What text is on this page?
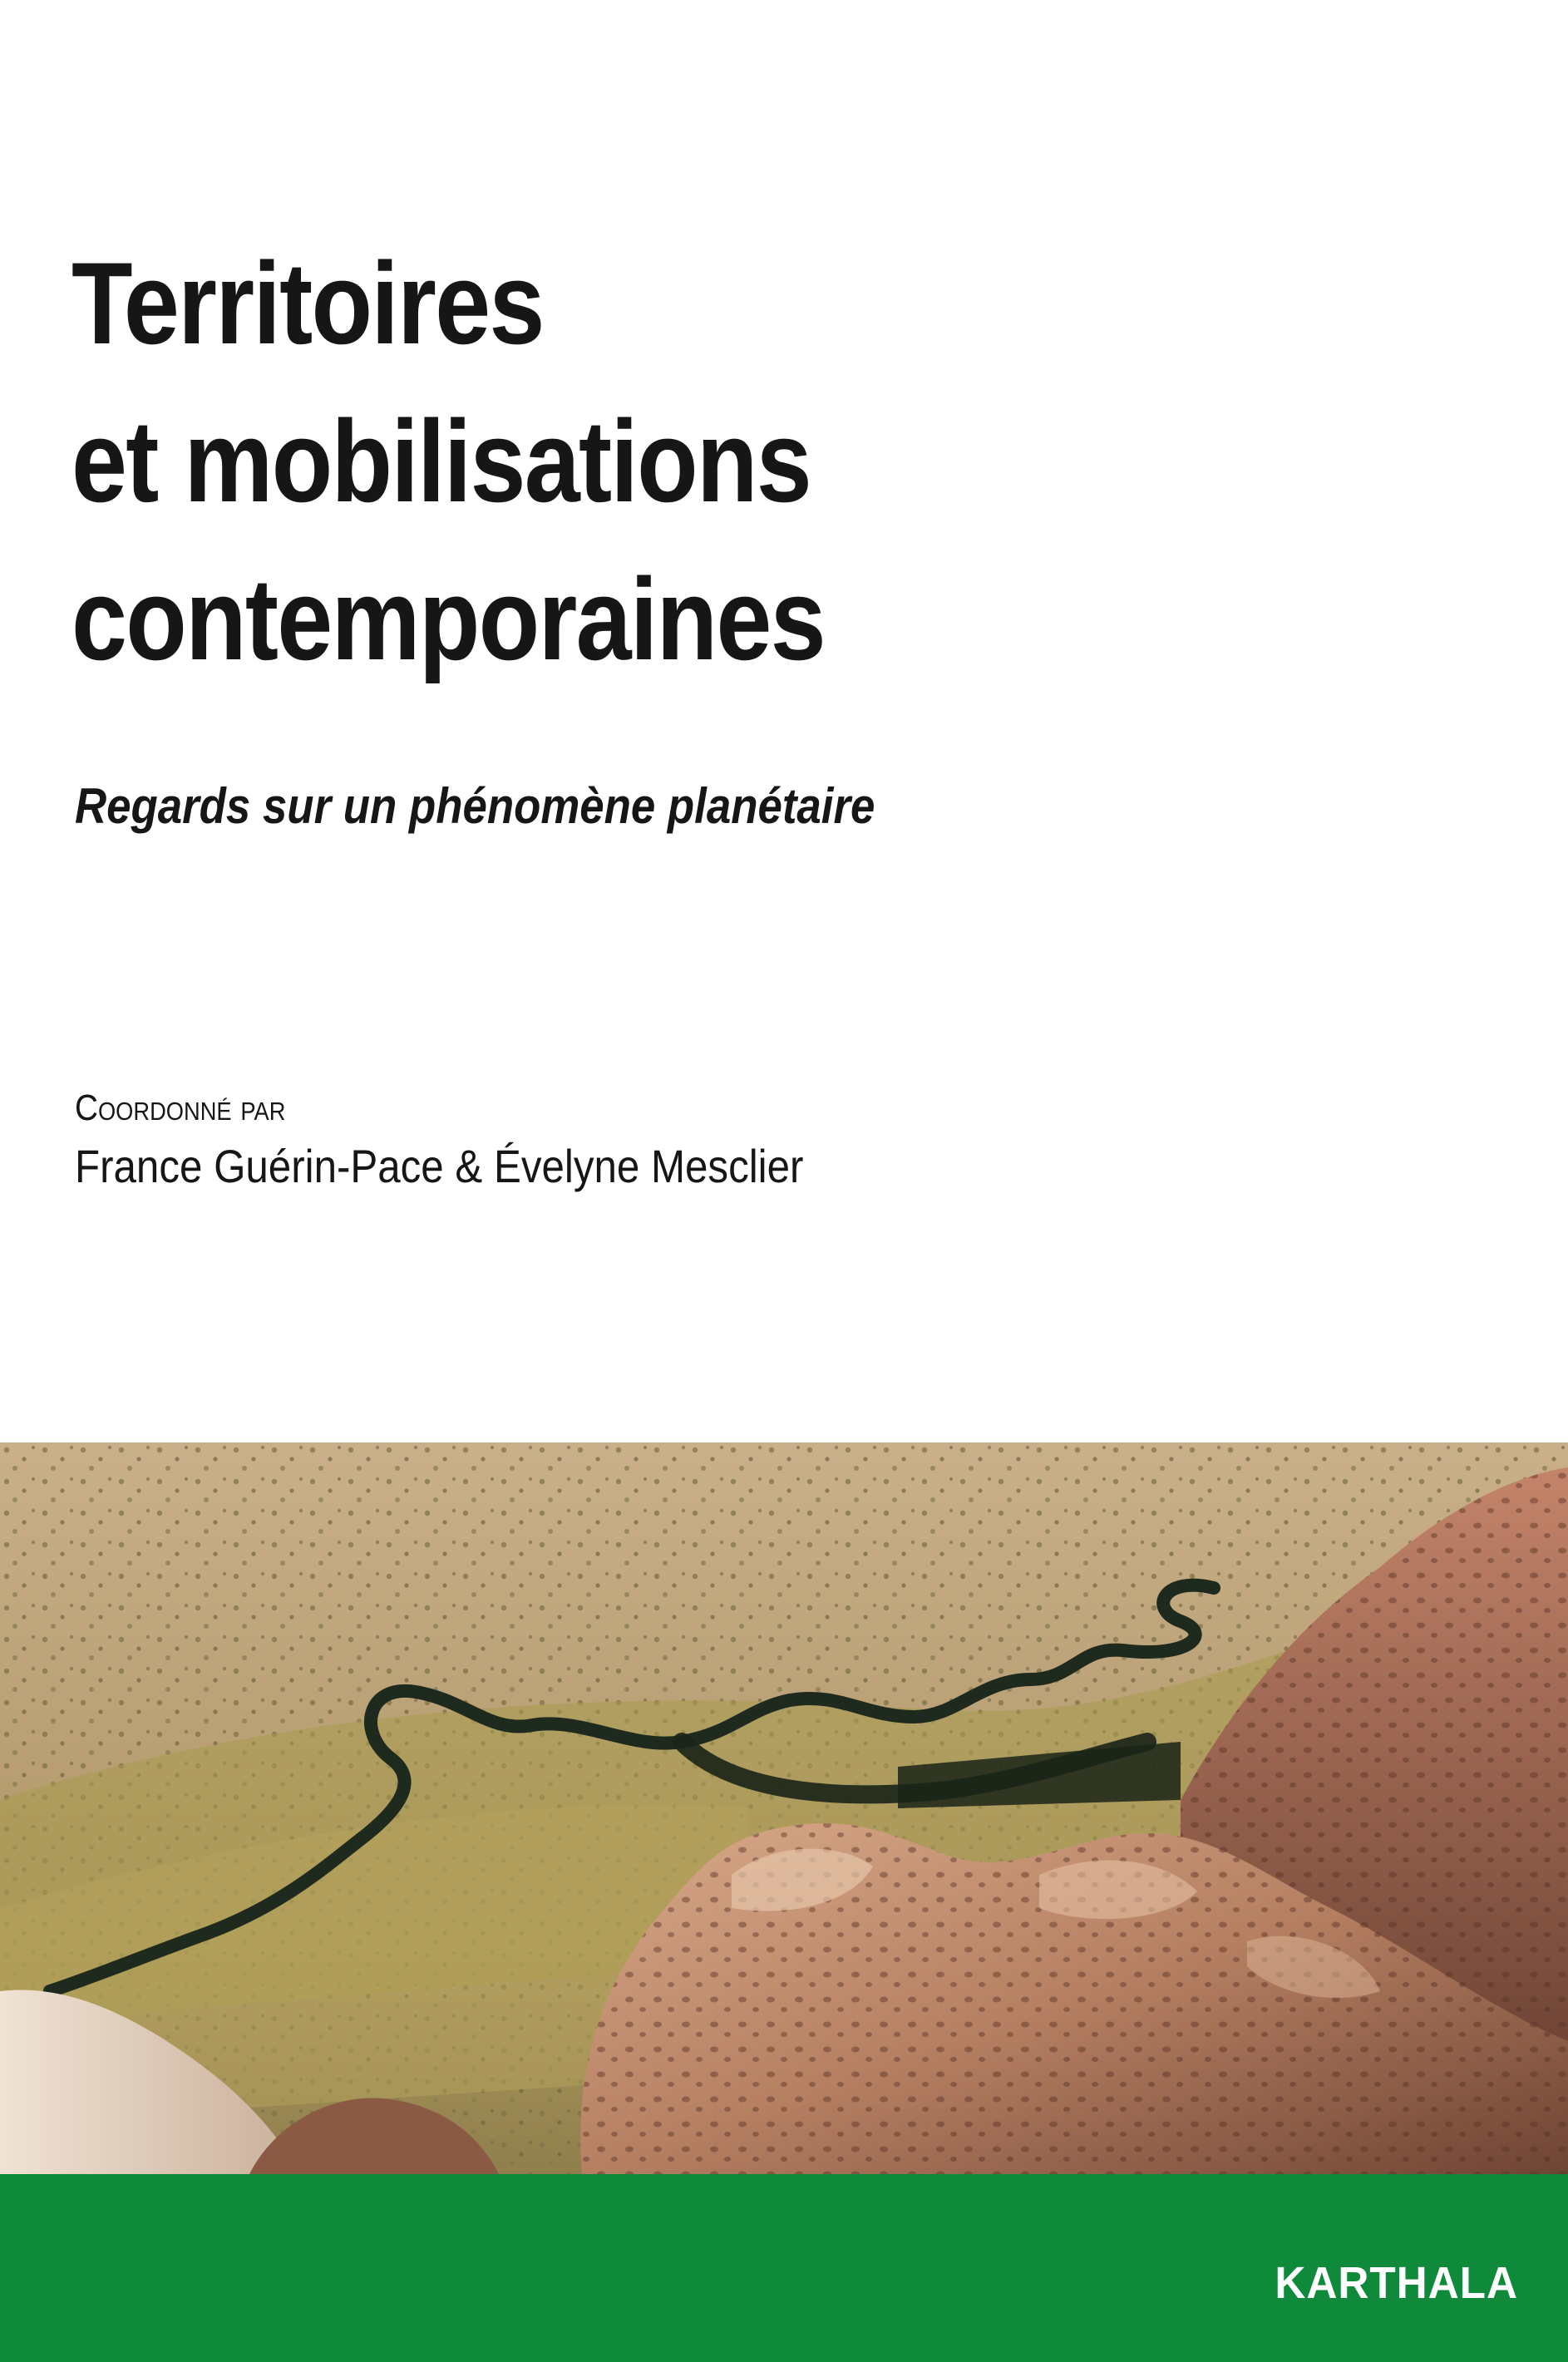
Territoires
et mobilisations
contemporaines
Regards sur un phénomène planétaire
Coordonné par
France Guérin-Pace & Évelyne Mesclier
KARTHALA
